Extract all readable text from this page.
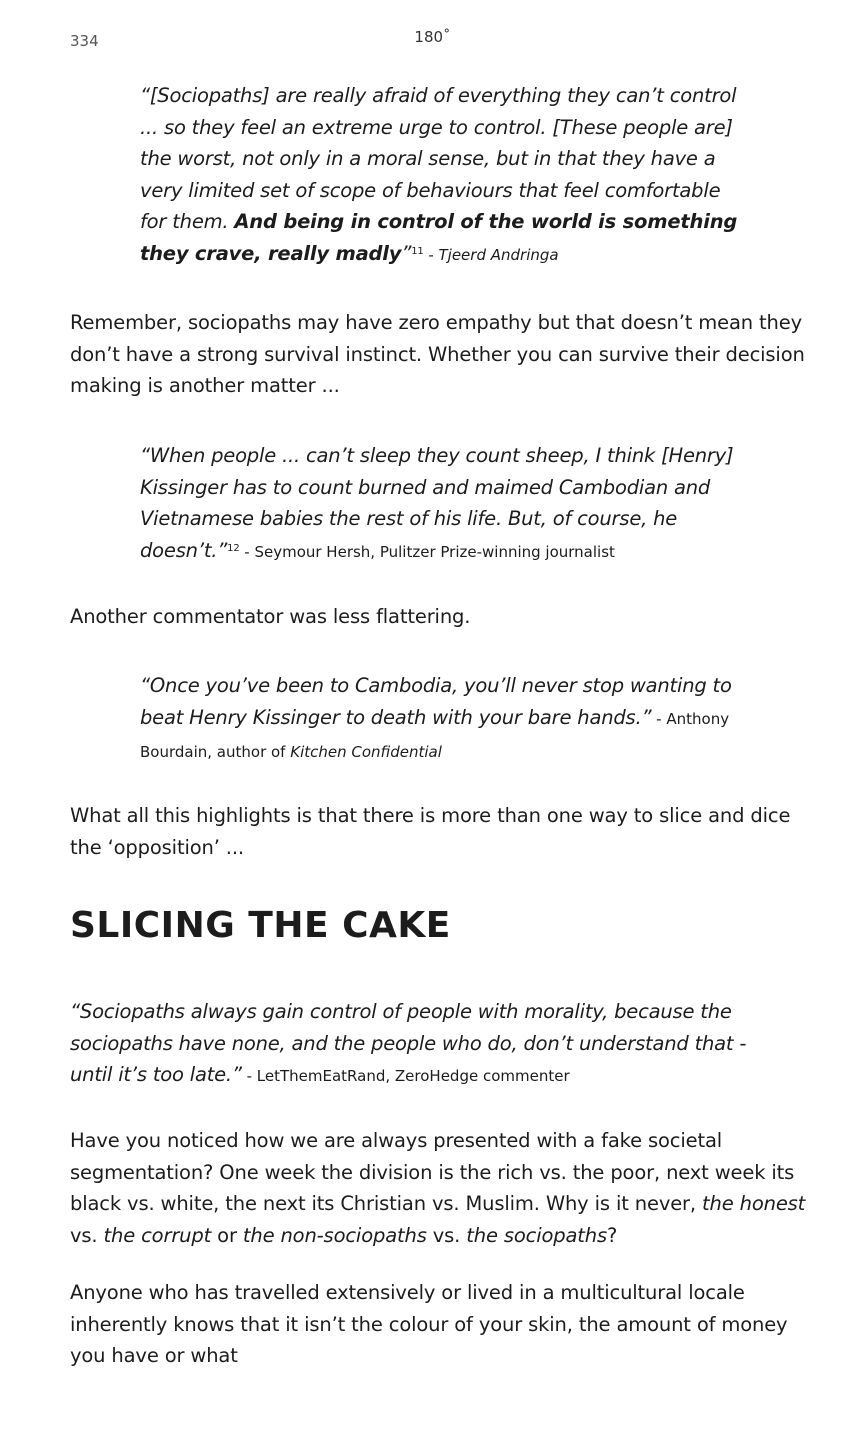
334	180˚
“[Sociopaths] are really afraid of everything they can’t control ... so they feel an extreme urge to control. [These people are] the worst, not only in a moral sense, but in that they have a very limited set of scope of behaviours that feel comfortable for them. And being in control of the world is something they crave, really madly”$^{11}$ - Tjeerd Andringa

Remember, sociopaths may have zero empathy but that doesn’t mean they don’t have a strong survival instinct. Whether you can survive their decision making is another matter ...

“When people ... can’t sleep they count sheep, I think [Henry] Kissinger has to count burned and maimed Cambodian and Vietnamese babies the rest of his life. But, of course, he doesn’t.”$^{12}$ - Seymour Hersh, Pulitzer Prize-winning journalist

Another commentator was less flattering.

“Once you’ve been to Cambodia, you’ll never stop wanting to beat Henry Kissinger to death with your bare hands.” - Anthony Bourdain, author of Kitchen Confidential

What all this highlights is that there is more than one way to slice and dice the ‘opposition’ ...

SLICING THE CAKE
“Sociopaths always gain control of people with morality, because the sociopaths have none, and the people who do, don’t understand that - until it’s too late.” - LetThemEatRand, ZeroHedge commenter

Have you noticed how we are always presented with a fake societal segmentation? One week the division is the rich vs. the poor, next week its black vs. white, the next its Christian vs. Muslim. Why is it never, the honest vs. the corrupt or the non-sociopaths vs. the sociopaths?

Anyone who has travelled extensively or lived in a multicultural locale inherently knows that it isn’t the colour of your skin, the amount of money you have or what
